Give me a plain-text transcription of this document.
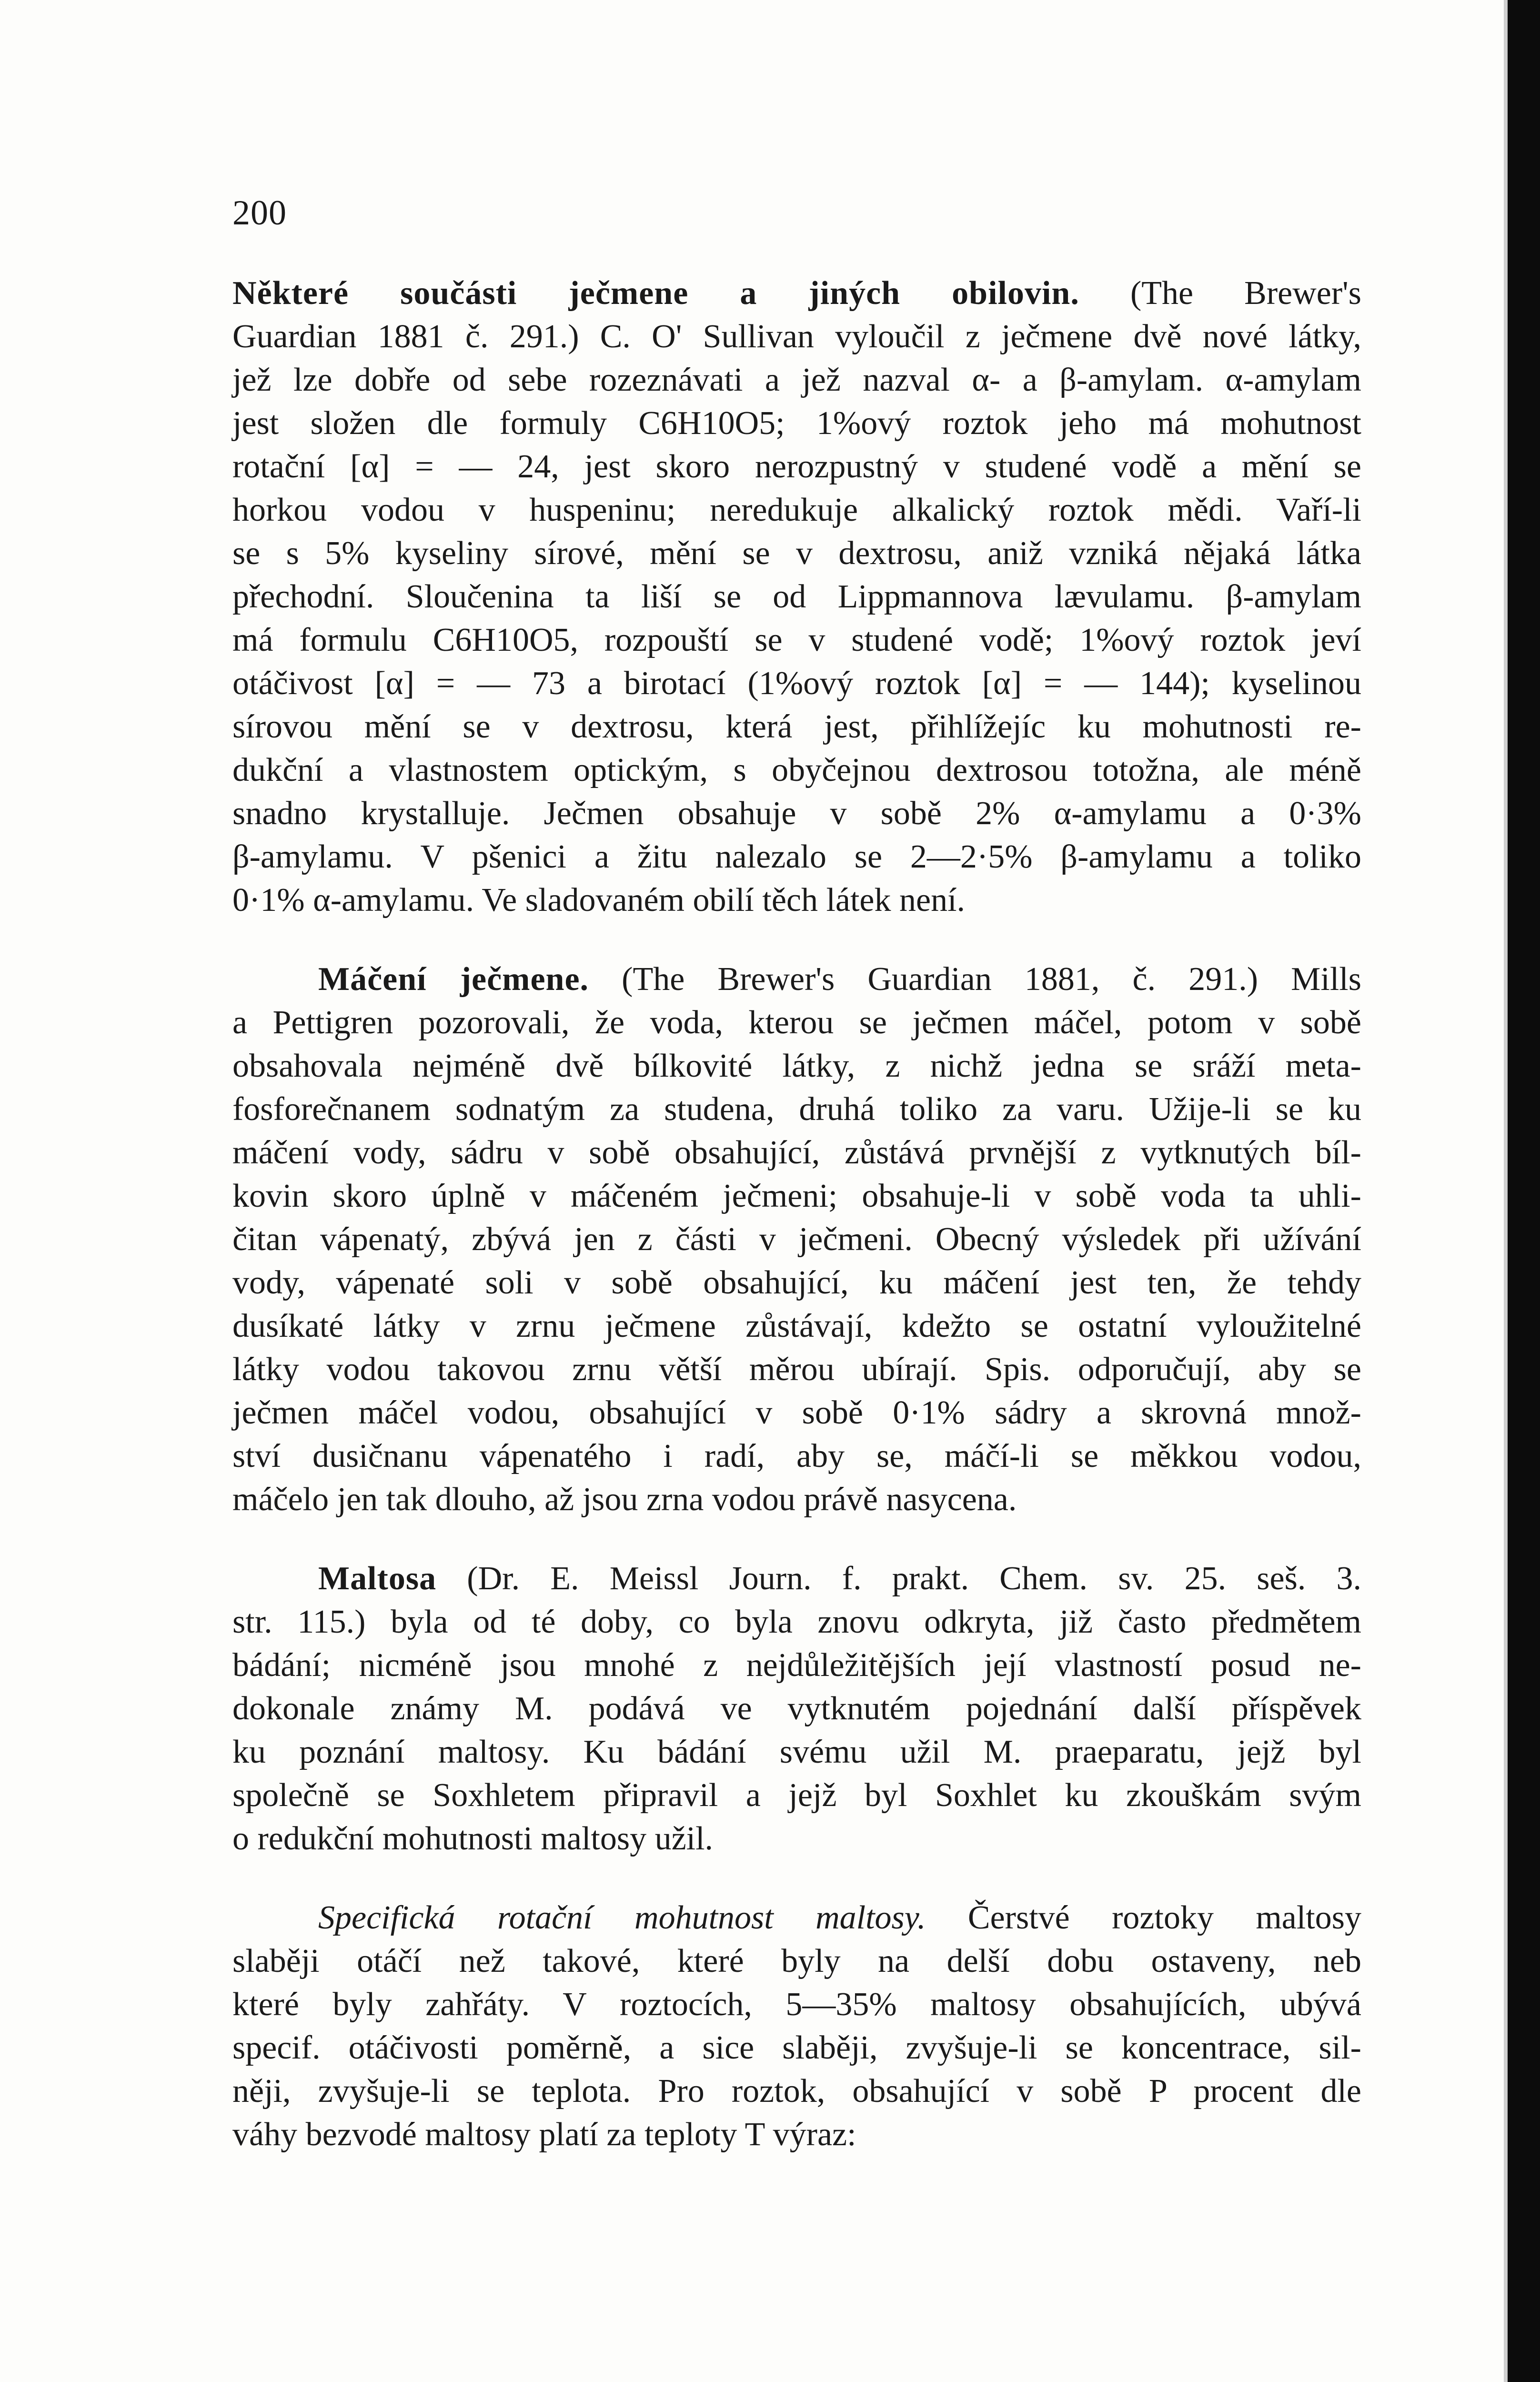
200
Některé součásti ječmene a jiných obilovin. (The Brewer's
Guardian 1881 č. 291.) C. O' Sullivan vyloučil z ječmene dvě nové látky,
jež lze dobře od sebe rozeznávati a jež nazval α- a β-amylam. α-amylam
jest složen dle formuly C6H10O5; 1%ový roztok jeho má mohutnost
rotační [α] = — 24, jest skoro nerozpustný v studené vodě a mění se
horkou vodou v huspeninu; neredukuje alkalický roztok mědi. Vaří-li
se s 5% kyseliny sírové, mění se v dextrosu, aniž vzniká nějaká látka
přechodní. Sloučenina ta liší se od Lippmannova lævulamu. β-amylam
má formulu C6H10O5, rozpouští se v studené vodě; 1%ový roztok jeví
otáčivost [α] = — 73 a birotací (1%ový roztok [α] = — 144); kyselinou
sírovou mění se v dextrosu, která jest, přihlížejíc ku mohutnosti re-
dukční a vlastnostem optickým, s obyčejnou dextrosou totožna, ale méně
snadno krystalluje. Ječmen obsahuje v sobě 2% α-amylamu a 0·3%
β-amylamu. V pšenici a žitu nalezalo se 2—2·5% β-amylamu a toliko
0·1% α-amylamu. Ve sladovaném obilí těch látek není.
Máčení ječmene. (The Brewer's Guardian 1881, č. 291.) Mills
a Pettigren pozorovali, že voda, kterou se ječmen máčel, potom v sobě
obsahovala nejméně dvě bílkovité látky, z nichž jedna se sráží meta-
fosforečnanem sodnatým za studena, druhá toliko za varu. Užije-li se ku
máčení vody, sádru v sobě obsahující, zůstává prvnější z vytknutých bíl-
kovin skoro úplně v máčeném ječmeni; obsahuje-li v sobě voda ta uhli-
čitan vápenatý, zbývá jen z části v ječmeni. Obecný výsledek při užívání
vody, vápenaté soli v sobě obsahující, ku máčení jest ten, že tehdy
dusíkaté látky v zrnu ječmene zůstávají, kdežto se ostatní vyloužitelné
látky vodou takovou zrnu větší měrou ubírají. Spis. odporučují, aby se
ječmen máčel vodou, obsahující v sobě 0·1% sádry a skrovná množ-
ství dusičnanu vápenatého i radí, aby se, máčí-li se měkkou vodou,
máčelo jen tak dlouho, až jsou zrna vodou právě nasycena.
Maltosa (Dr. E. Meissl Journ. f. prakt. Chem. sv. 25. seš. 3.
str. 115.) byla od té doby, co byla znovu odkryta, již často předmětem
bádání; nicméně jsou mnohé z nejdůležitějších její vlastností posud ne-
dokonale známy M. podává ve vytknutém pojednání další příspěvek
ku poznání maltosy. Ku bádání svému užil M. praeparatu, jejž byl
společně se Soxhletem připravil a jejž byl Soxhlet ku zkouškám svým
o redukční mohutnosti maltosy užil.
Specifická rotační mohutnost maltosy. Čerstvé roztoky maltosy
slaběji otáčí než takové, které byly na delší dobu ostaveny, neb
které byly zahřáty. V roztocích, 5—35% maltosy obsahujících, ubývá
specif. otáčivosti poměrně, a sice slaběji, zvyšuje-li se koncentrace, sil-
něji, zvyšuje-li se teplota. Pro roztok, obsahující v sobě P procent dle
váhy bezvodé maltosy platí za teploty T výraz:
